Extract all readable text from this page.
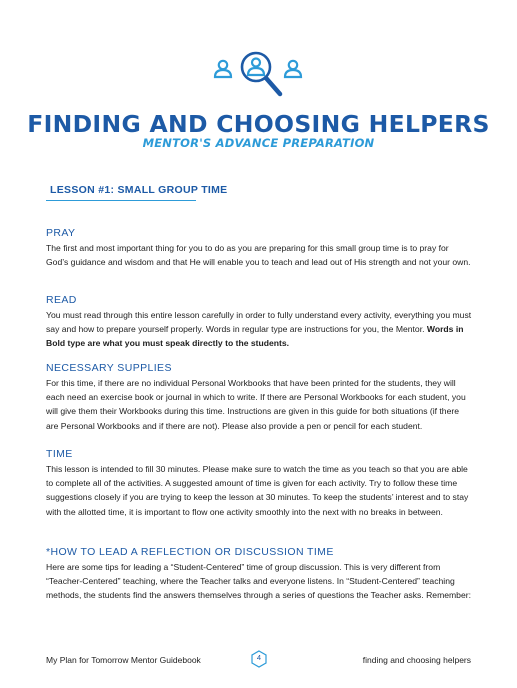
FINDING AND CHOOSING HELPERS
MENTOR'S ADVANCE PREPARATION
LESSON #1: SMALL GROUP TIME
PRAY

The first and most important thing for you to do as you are preparing for this small group time is to pray for God’s guidance and wisdom and that He will enable you to teach and lead out of His strength and not your own.

READ

You must read through this entire lesson carefully in order to fully understand every activity, everything you must say and how to prepare yourself properly. Words in regular type are instructions for you, the Mentor. Words in Bold type are what you must speak directly to the students.

NECESSARY SUPPLIES

For this time, if there are no individual Personal Workbooks that have been printed for the students, they will each need an exercise book or journal in which to write. If there are Personal Workbooks for each student, you will give them their Workbooks during this time. Instructions are given in this guide for both situations (if there are Personal Workbooks and if there are not). Please also provide a pen or pencil for each student.

TIME

This lesson is intended to fill 30 minutes. Please make sure to watch the time as you teach so that you are able to complete all of the activities. A suggested amount of time is given for each activity. Try to follow these time suggestions closely if you are trying to keep the lesson at 30 minutes. To keep the students’ interest and to stay with the allotted time, it is important to flow one activity smoothly into the next with no breaks in between.

*HOW TO LEAD A REFLECTION OR DISCUSSION TIME

Here are some tips for leading a “Student-Centered” time of group discussion. This is very different from “Teacher-Centered” teaching, where the Teacher talks and everyone listens. In “Student-Centered” teaching methods, the students find the answers themselves through a series of questions the Teacher asks. Remember:

My Plan for Tomorrow Mentor Guidebook	4	finding and choosing helpers
